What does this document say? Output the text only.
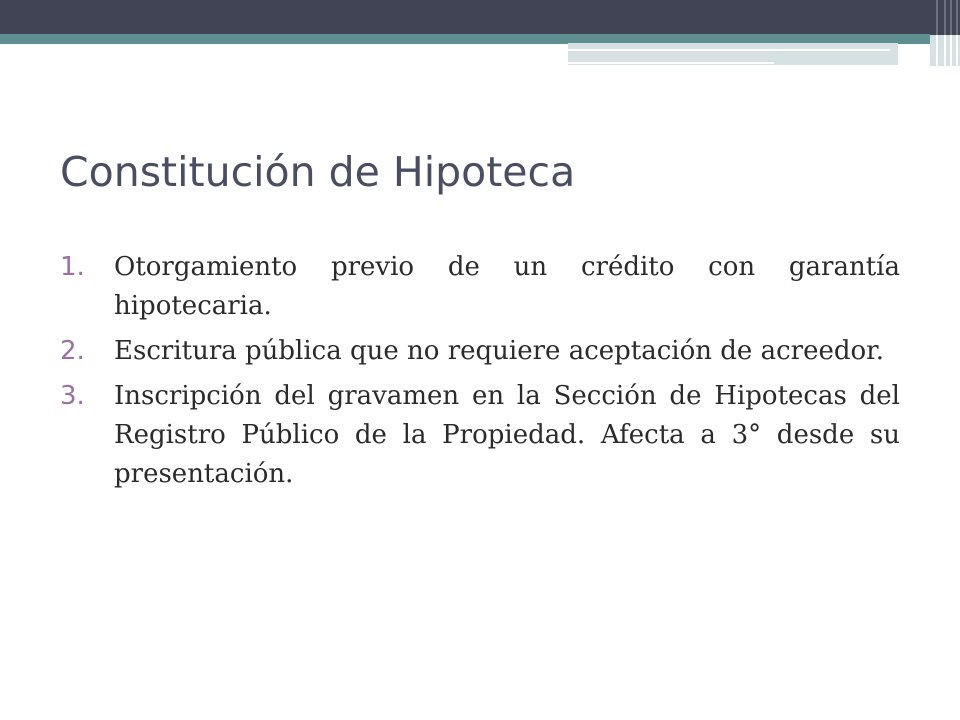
Constitución de Hipoteca
1. Otorgamiento previo de un crédito con garantía hipotecaria.
2. Escritura pública que no requiere aceptación de acreedor.
3. Inscripción del gravamen en la Sección de Hipotecas del Registro Público de la Propiedad. Afecta a 3° desde su presentación.
